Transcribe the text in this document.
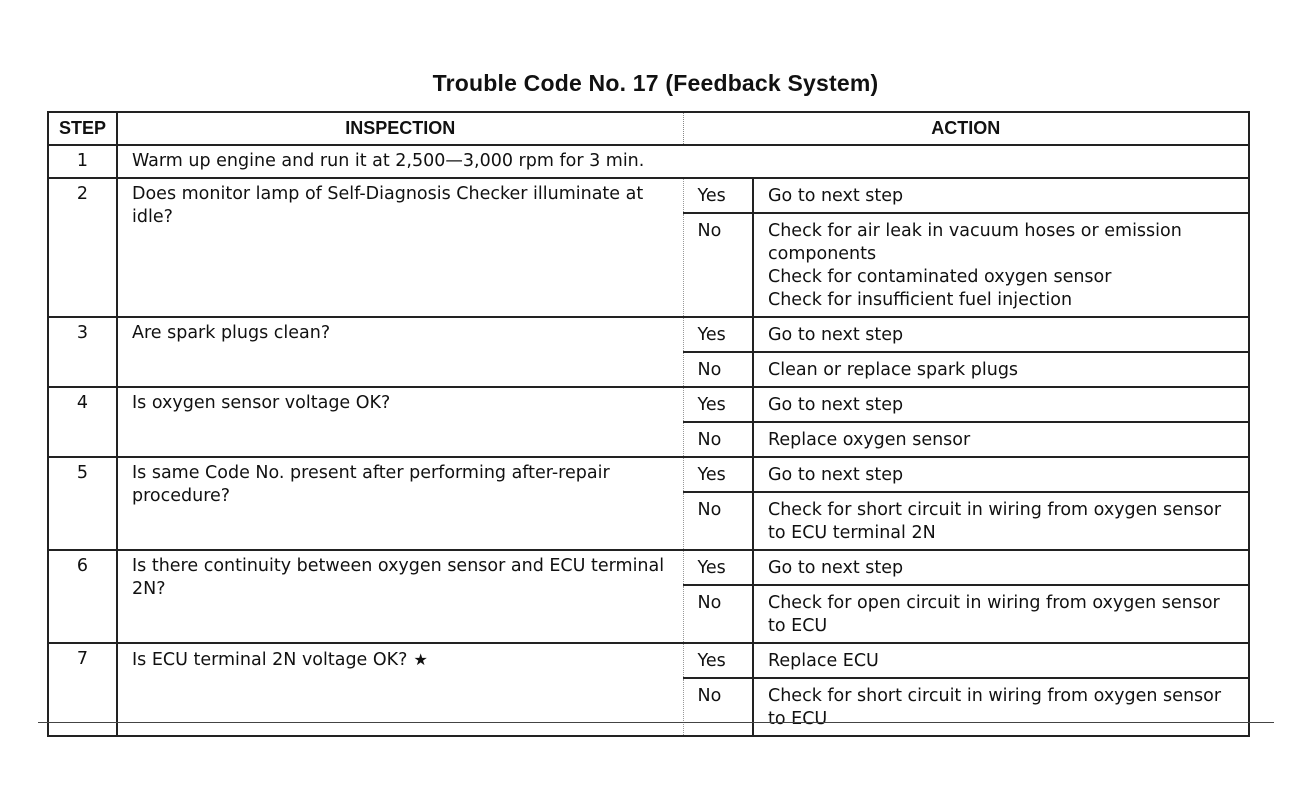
Trouble Code No. 17 (Feedback System)
STEP	INSPECTION	ACTION	
1	Warm up engine and run it at 2,500—3,000 rpm for 3 min.		
2	Does monitor lamp of Self-Diagnosis Checker illuminate at idle?	Yes	Go to next step
		No	Check for air leak in vacuum hoses or emission components
Check for contaminated oxygen sensor
Check for insufficient fuel injection

3	Are spark plugs clean?	Yes	Go to next step
		No	Clean or replace spark plugs
4	Is oxygen sensor voltage OK?	Yes	Go to next step
		No	Replace oxygen sensor
5	Is same Code No. present after performing after-repair procedure?	Yes	Go to next step
		No	Check for short circuit in wiring from oxygen sensor to ECU terminal 2N
6	Is there continuity between oxygen sensor and ECU terminal 2N?	Yes	Go to next step
		No	Check for open circuit in wiring from oxygen sensor to ECU
7	Is ECU terminal 2N voltage OK? ★	Yes	Replace ECU
		No	Check for short circuit in wiring from oxygen sensor to ECU
